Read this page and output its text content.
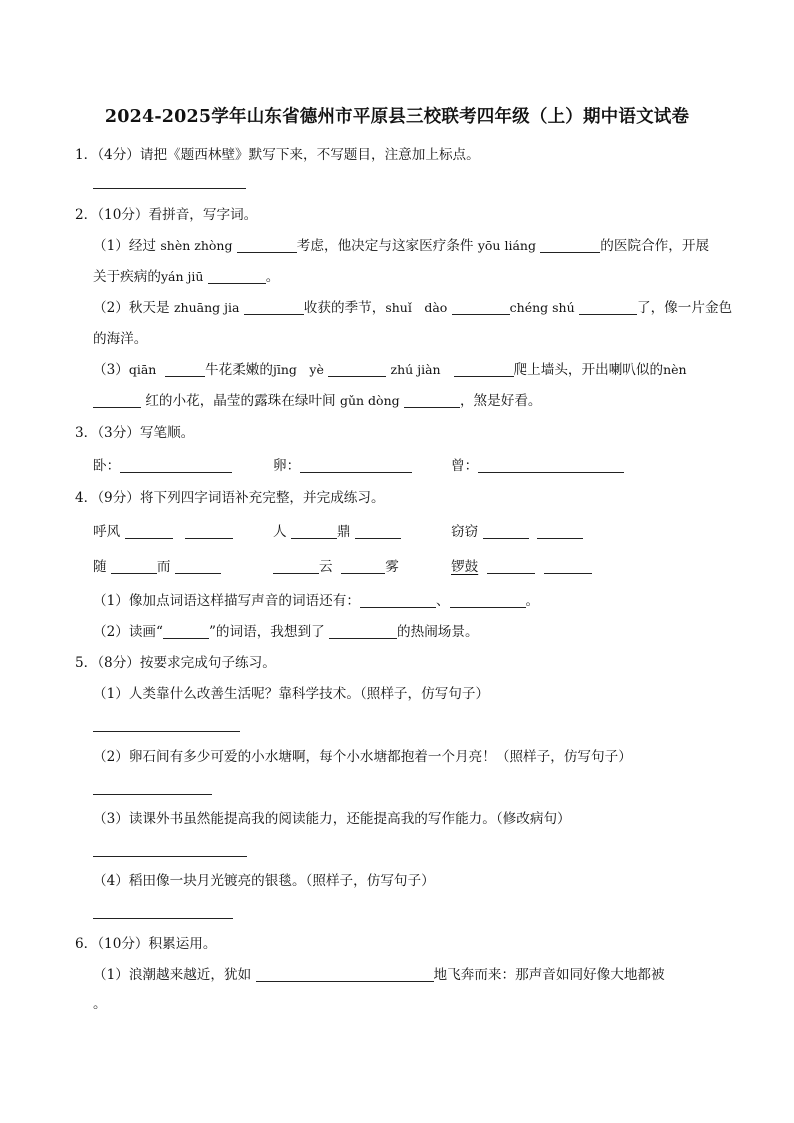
2024-2025学年山东省德州市平原县三校联考四年级（上）期中语文试卷
1．（4分）请把《题西林壁》默写下来，不写题目，注意加上标点。
2．（10分）看拼音，写字词。
（1）经过 shèn zhòng	考虑，他决定与这家医疗条件 yōu liáng	的医院合作，开展
关于疾病的yán jiū	。
（2）秋天是 zhuāng jia	收获的季节，shuǐ　dào	chéng shú	了，像一片金色
的海洋。
（3）qiān	牛花柔嫩的jīng　yè	zhú jiàn	爬上墙头，开出喇叭似的nèn
红的小花，晶莹的露珠在绿叶间 gǔn dòng	，煞是好看。
3．（3分）写笔顺。
卧：	卵：	曾：
4．（9分）将下列四字词语补充完整，并完成练习。
呼风	人	鼎	窃窃
随	而	云	雾	锣鼓
（1）像加点词语这样描写声音的词语还有：	、	。
（2）读画“	”的词语，我想到了	的热闹场景。
5．（8分）按要求完成句子练习。
（1）人类靠什么改善生活呢？靠科学技术。（照样子，仿写句子）
（2）卵石间有多少可爱的小水塘啊，每个小水塘都抱着一个月亮！（照样子，仿写句子）
（3）读课外书虽然能提高我的阅读能力，还能提高我的写作能力。（修改病句）
（4）稻田像一块月光镀亮的银毯。（照样子，仿写句子）
6．（10分）积累运用。
（1）浪潮越来越近，犹如	地飞奔而来：那声音如同好像大地都被
。
